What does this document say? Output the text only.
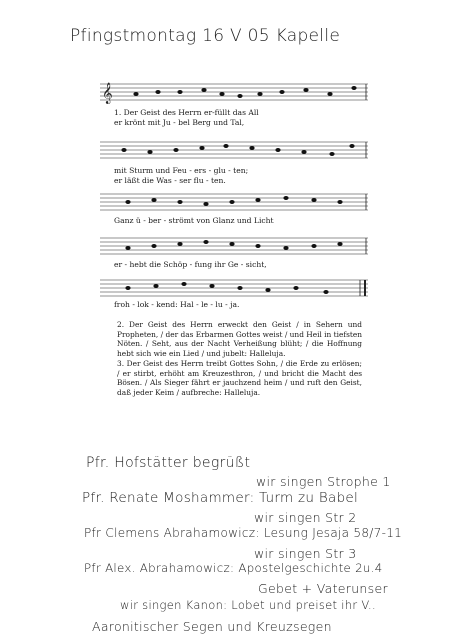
Pfingstmontag 16 V 05 Kapelle
𝄞
1. Der Geist des Herrn er-füllt das All
er krönt mit Ju - bel Berg und Tal,
mit Sturm und Feu - ers - glu - ten;
er läßt die Was - ser flu - ten.
Ganz ü - ber - strömt von Glanz und Licht
er - hebt die Schöp - fung ihr Ge - sicht,
froh - lok - kend: Hal - le - lu - ja.

2. Der Geist des Herrn erweckt den Geist / in Sehern und Propheten, / der das Erbarmen Gottes weist / und Heil in tiefsten Nöten. / Seht, aus der Nacht Verheißung blüht; / die Hoffnung hebt sich wie ein Lied / und jubelt: Halleluja.

3. Der Geist des Herrn treibt Gottes Sohn, / die Erde zu erlösen; / er stirbt, erhöht am Kreuzesthron, / und bricht die Macht des Bösen. / Als Sieger fährt er jauchzend heim / und ruft den Geist, daß jeder Keim / aufbreche: Halleluja.

Pfr. Hofstätter begrüßt
wir singen Strophe 1
Pfr. Renate Moshammer: Turm zu Babel
wir singen Str 2
Pfr Clemens Abrahamowicz: Lesung Jesaja 58/7-11
wir singen Str 3
Pfr Alex. Abrahamowicz: Apostelgeschichte 2u.4
Gebet + Vaterunser
wir singen Kanon: Lobet und preiset ihr V..
Aaronitischer Segen und Kreuzsegen
